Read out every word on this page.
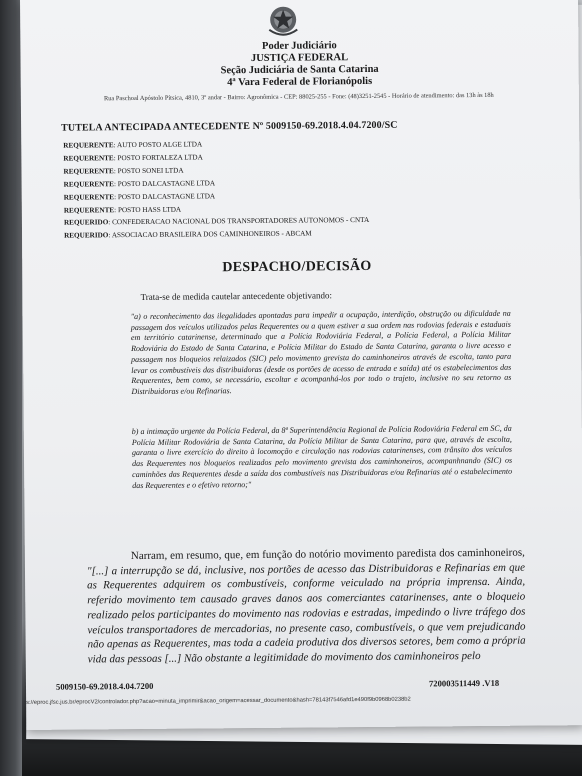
Poder Judiciário
JUSTIÇA FEDERAL
Seção Judiciária de Santa Catarina
4ª Vara Federal de Florianópolis
Rua Paschoal Apóstolo Pítsica, 4810, 3º andar - Bairro: Agronômica - CEP: 88025-255 - Fone: (48)3251-2545 - Horário de atendimento: das 13h às 18h
TUTELA ANTECIPADA ANTECEDENTE Nº 5009150-69.2018.4.04.7200/SC
REQUERENTE: AUTO POSTO ALGE LTDA
REQUERENTE: POSTO FORTALEZA LTDA
REQUERENTE: POSTO SONEI LTDA
REQUERENTE: POSTO DALCASTAGNE LTDA
REQUERENTE: POSTO DALCASTAGNE LTDA
REQUERENTE: POSTO HASS LTDA
REQUERIDO: CONFEDERACAO NACIONAL DOS TRANSPORTADORES AUTONOMOS - CNTA
REQUERIDO: ASSOCIACAO BRASILEIRA DOS CAMINHONEIROS - ABCAM
DESPACHO/DECISÃO
Trata-se de medida cautelar antecedente objetivando:
"a) o reconhecimento das ilegalidades apontadas para impedir a ocupação, interdição, obstrução ou dificuldade na passagem dos veículos utilizados pelas Requerentes ou a quem estiver a sua ordem nas rodovias federais e estaduais em território catarinense, determinado que a Polícia Rodoviária Federal, a Polícia Federal, a Polícia Militar Rodoviária do Estado de Santa Catarina, e Polícia Militar do Estado de Santa Catarina, garanta o livre acesso e passagem nos bloqueios relaizados (SIC) pelo movimento grevista do caminhoneiros através de escolta, tanto para levar os combustíveis das distribuidoras (desde os portões de acesso de entrada e saída) até os estabelecimentos das Requerentes, bem como, se necessário, escoltar e acompanhá-los por todo o trajeto, inclusive no seu retorno as Distribuidoras e/ou Refinarias.
b) a intimação urgente da Polícia Federal, da 8ª Superintendência Regional de Polícia Rodoviária Federal em SC, da Polícia Militar Rodoviária de Santa Catarina, da Polícia Militar de Santa Catarina, para que, através de escolta, garanta o livre exercício do direito à locomoção e circulação nas rodovias catarinenses, com trânsito dos veículos das Requerentes nos bloqueios realizados pelo movimento grevista dos caminhoneiros, acompanhnando (SIC) os caminhões das Requerentes desde a saída dos combustíveis nas Distribuidoras e/ou Refinarias até o estabelecimento das Requerentes e o efetivo retorno;"
Narram, em resumo, que, em função do notório movimento paredista dos caminhoneiros, "[...] a interrupção se dá, inclusive, nos portões de acesso das Distribuidoras e Refinarias em que as Requerentes adquirem os combustíveis, conforme veiculado na própria imprensa. Ainda, referido movimento tem causado graves danos aos comerciantes catarinenses, ante o bloqueio realizado pelos participantes do movimento nas rodovias e estradas, impedindo o livre tráfego dos veículos transportadores de mercadorias, no presente caso, combustíveis, o que vem prejudicando não apenas as Requerentes, mas toda a cadeia produtiva dos diversos setores, bem como a própria vida das pessoas [...] Não obstante a legitimidade do movimento dos caminhoneiros pelo
5009150-69.2018.4.04.7200	720003511449 .V18
s://eproc.jfsc.jus.br/eprocV2/controlador.php?acao=minuta_imprimir&acao_origem=acessar_documento&hash=78143f7546afd1e490f9b0968b0238b2
